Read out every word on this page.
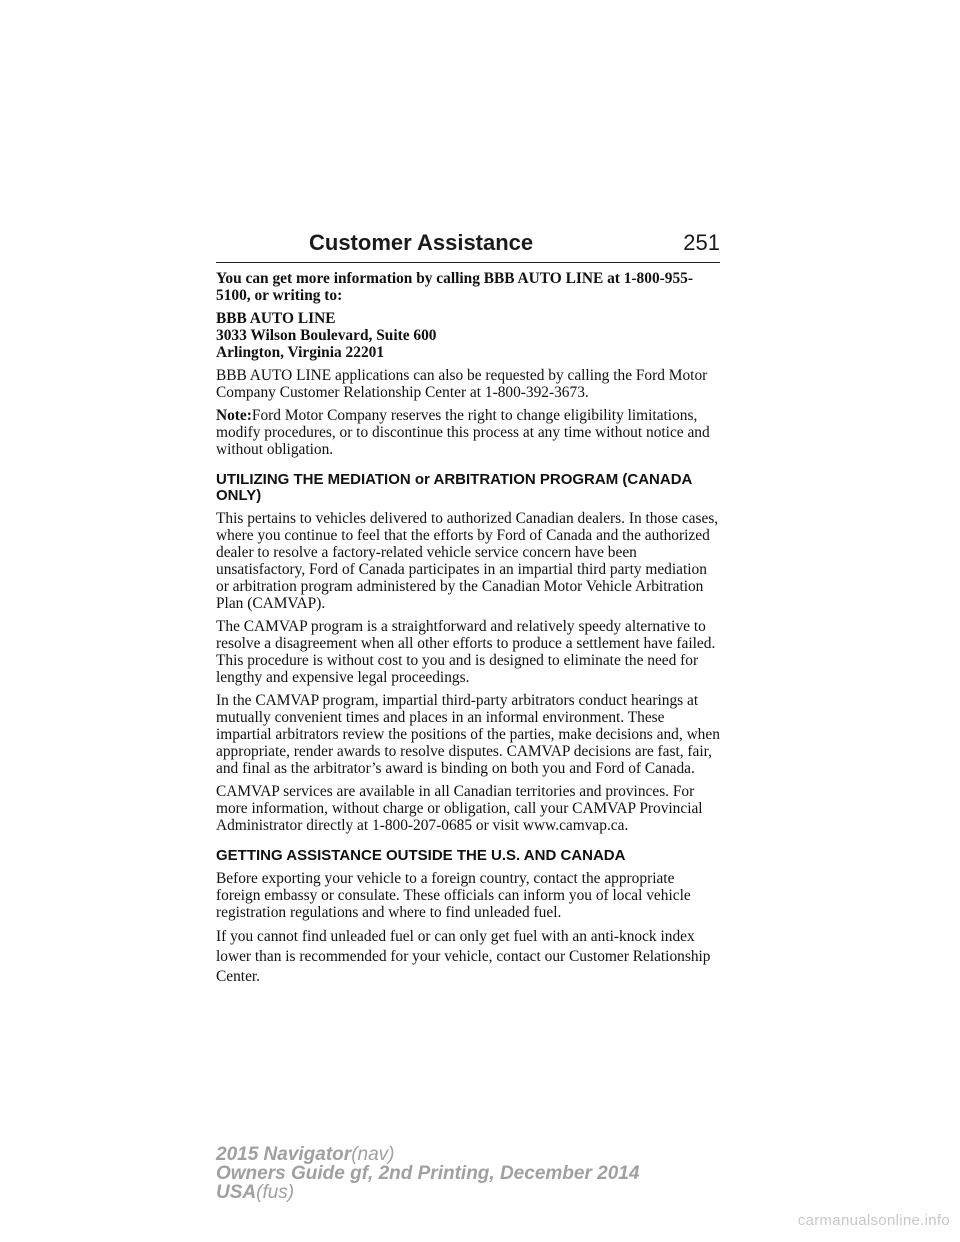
Customer Assistance	251

You can get more information by calling BBB AUTO LINE at 1-800-955-5100, or writing to:

BBB AUTO LINE
3033 Wilson Boulevard, Suite 600
Arlington, Virginia 22201

BBB AUTO LINE applications can also be requested by calling the Ford Motor Company Customer Relationship Center at 1-800-392-3673.

Note:Ford Motor Company reserves the right to change eligibility limitations, modify procedures, or to discontinue this process at any time without notice and without obligation.

UTILIZING THE MEDIATION or ARBITRATION PROGRAM (CANADA ONLY)

This pertains to vehicles delivered to authorized Canadian dealers. In those cases, where you continue to feel that the efforts by Ford of Canada and the authorized dealer to resolve a factory-related vehicle service concern have been unsatisfactory, Ford of Canada participates in an impartial third party mediation or arbitration program administered by the Canadian Motor Vehicle Arbitration Plan (CAMVAP).

The CAMVAP program is a straightforward and relatively speedy alternative to resolve a disagreement when all other efforts to produce a settlement have failed. This procedure is without cost to you and is designed to eliminate the need for lengthy and expensive legal proceedings.

In the CAMVAP program, impartial third-party arbitrators conduct hearings at mutually convenient times and places in an informal environment. These impartial arbitrators review the positions of the parties, make decisions and, when appropriate, render awards to resolve disputes. CAMVAP decisions are fast, fair, and final as the arbitrator’s award is binding on both you and Ford of Canada.

CAMVAP services are available in all Canadian territories and provinces. For more information, without charge or obligation, call your CAMVAP Provincial Administrator directly at 1-800-207-0685 or visit www.camvap.ca.

GETTING ASSISTANCE OUTSIDE THE U.S. AND CANADA

Before exporting your vehicle to a foreign country, contact the appropriate foreign embassy or consulate. These officials can inform you of local vehicle registration regulations and where to find unleaded fuel.

If you cannot find unleaded fuel or can only get fuel with an anti-knock index lower than is recommended for your vehicle, contact our Customer Relationship Center.

2015 Navigator(nav)
Owners Guide gf, 2nd Printing, December 2014
USA(fus)
carmanualsonline.info
